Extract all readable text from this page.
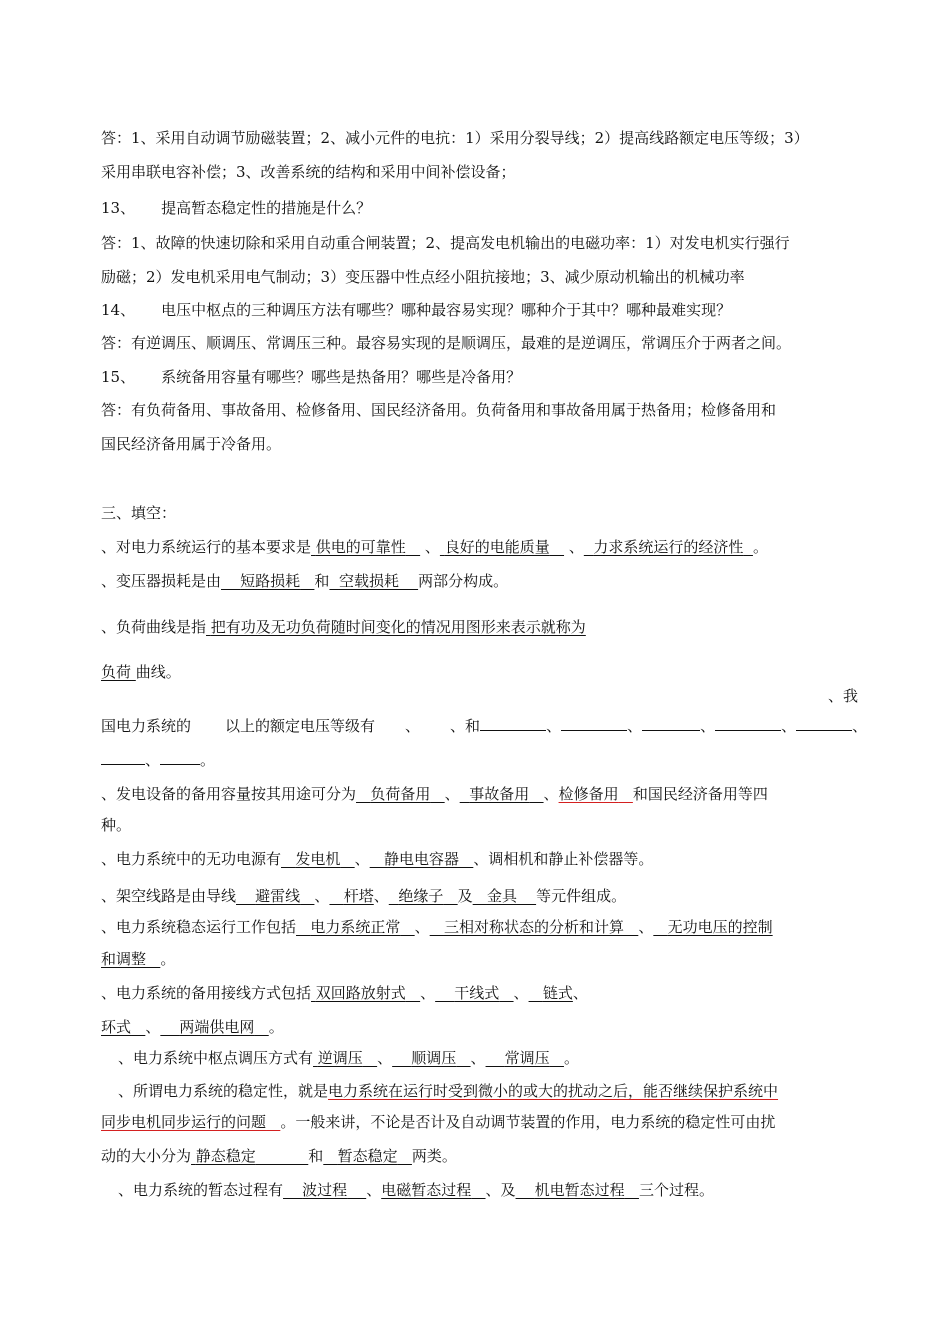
答：1、采用自动调节励磁装置；2、减小元件的电抗：1）采用分裂导线；2）提高线路额定电压等级；3）
采用串联电容补偿；3、改善系统的结构和采用中间补偿设备；
13、 提高暂态稳定性的措施是什么？
答：1、故障的快速切除和采用自动重合闸装置；2、提高发电机输出的电磁功率：1）对发电机实行强行
励磁；2）发电机采用电气制动；3）变压器中性点经小阻抗接地；3、减少原动机输出的机械功率
14、 电压中枢点的三种调压方法有哪些？哪种最容易实现？哪种介于其中？哪种最难实现？
答：有逆调压、顺调压、常调压三种。最容易实现的是顺调压，最难的是逆调压，常调压介于两者之间。
15、 系统备用容量有哪些？哪些是热备用？哪些是冷备用？
答：有负荷备用、事故备用、检修备用、国民经济备用。负荷备用和事故备用属于热备用；检修备用和
国民经济备用属于冷备用。
三、填空：
、对电力系统运行的基本要求是 供电的可靠性 、 良好的电能质量 、 力求系统运行的经济性 。
、变压器损耗是由 短路损耗 和 空载损耗 两部分构成。
、负荷曲线是指 把有功及无功负荷随时间变化的情况用图形来表示就称为
负荷 曲线。
、我
国电力系统的 以上的额定电压等级有 、 、和	、	、	、	、	、
、	。
、发电设备的备用容量按其用途可分为 负荷备用 、 事故备用 、检修备用 和国民经济备用等四
种。
、电力系统中的无功电源有 发电机 、 静电电容器 、调相机和静止补偿器等。
、架空线路是由导线 避雷线 、 杆塔、 绝缘子 及 金具 等元件组成。
、电力系统稳态运行工作包括 电力系统正常 、 三相对称状态的分析和计算 、 无功电压的控制
和调整 。
、电力系统的备用接线方式包括 双回路放射式 、 干线式 、 链式、
环式 、 两端供电网 。
、电力系统中枢点调压方式有 逆调压 、 顺调压 、 常调压 。
、所谓电力系统的稳定性，就是电力系统在运行时受到微小的或大的扰动之后，能否继续保护系统中
同步电机同步运行的问题 。一般来讲，不论是否计及自动调节装置的作用，电力系统的稳定性可由扰
动的大小分为 静态稳定	和 暂态稳定 两类。
、电力系统的暂态过程有 波过程 、电磁暂态过程 、及 机电暂态过程 三个过程。
